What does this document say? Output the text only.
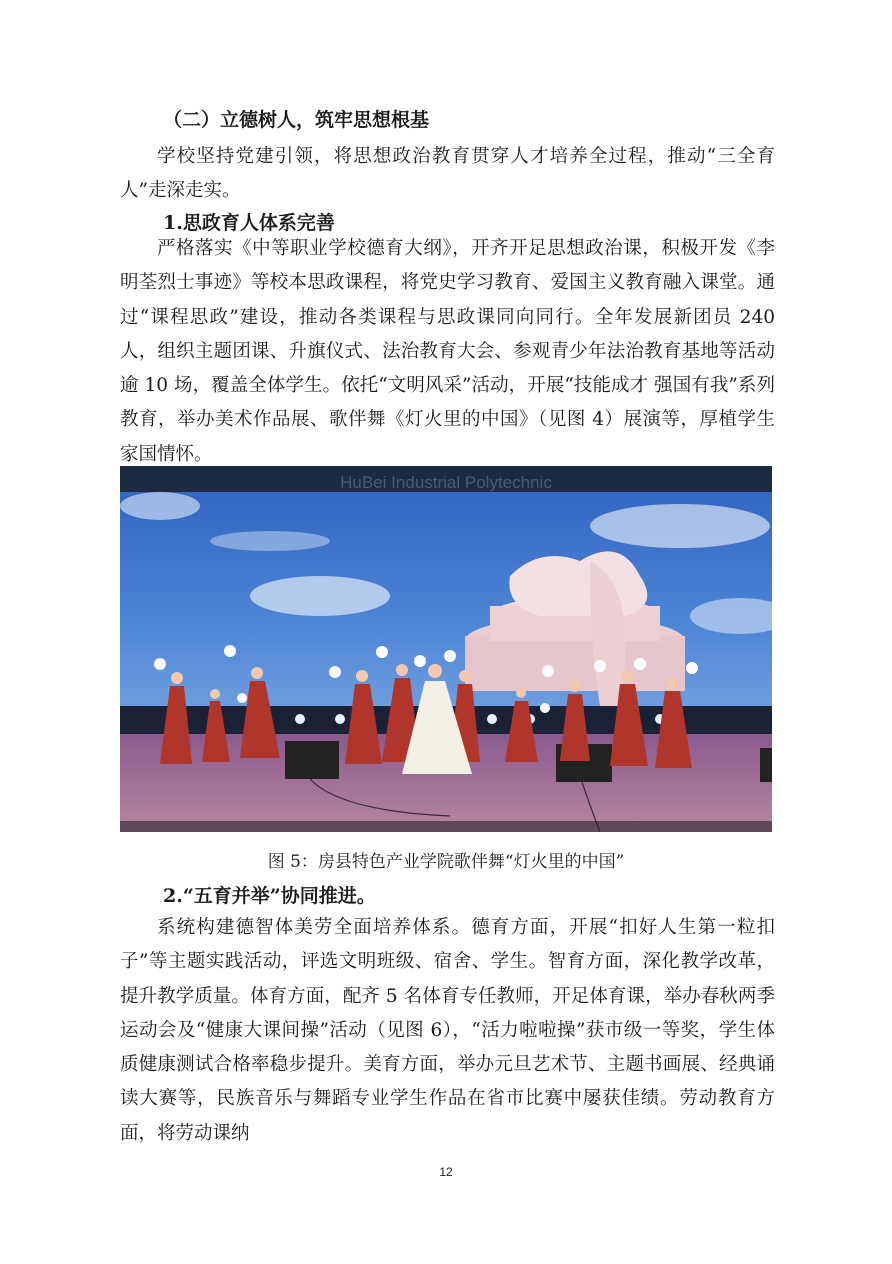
（二）立德树人，筑牢思想根基

学校坚持党建引领，将思想政治教育贯穿人才培养全过程，推动“三全育人”走深走实。

1.思政育人体系完善

严格落实《中等职业学校德育大纲》，开齐开足思想政治课，积极开发《李明荃烈士事迹》等校本思政课程，将党史学习教育、爱国主义教育融入课堂。通过“课程思政”建设，推动各类课程与思政课同向同行。全年发展新团员 240 人，组织主题团课、升旗仪式、法治教育大会、参观青少年法治教育基地等活动逾 10 场，覆盖全体学生。依托“文明风采”活动，开展“技能成才 强国有我”系列教育，举办美术作品展、歌伴舞《灯火里的中国》（见图 4）展演等，厚植学生家国情怀。

HuBei Industrial Polytechnic
图 5：房县特色产业学院歌伴舞“灯火里的中国”
2.“五育并举”协同推进。

系统构建德智体美劳全面培养体系。德育方面，开展“扣好人生第一粒扣子”等主题实践活动，评选文明班级、宿舍、学生。智育方面，深化教学改革，提升教学质量。体育方面，配齐 5 名体育专任教师，开足体育课，举办春秋两季运动会及“健康大课间操”活动（见图 6），“活力啦啦操”获市级一等奖，学生体质健康测试合格率稳步提升。美育方面，举办元旦艺术节、主题书画展、经典诵读大赛等，民族音乐与舞蹈专业学生作品在省市比赛中屡获佳绩。劳动教育方面，将劳动课纳

12
